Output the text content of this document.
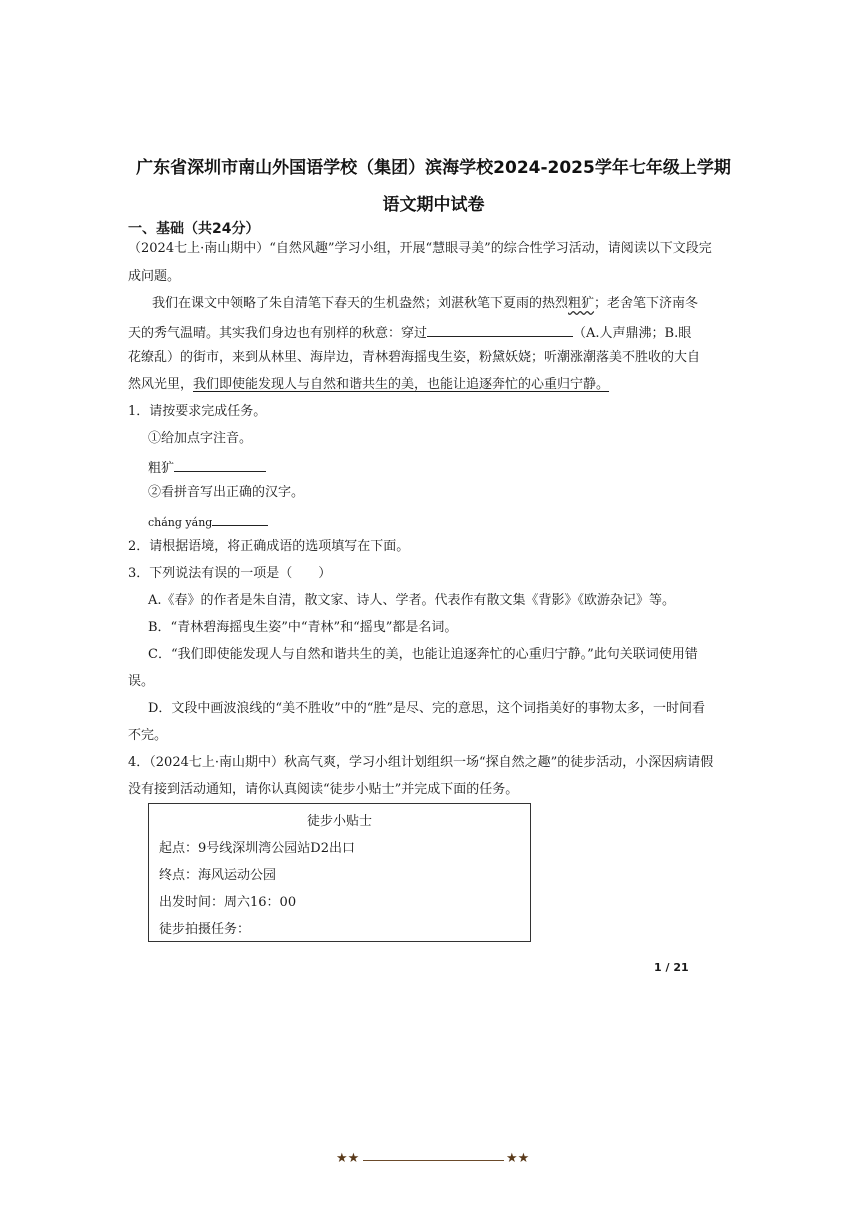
广东省深圳市南山外国语学校（集团）滨海学校2024-2025学年七年级上学期
语文期中试卷
一、基础（共24分）
（2024七上·南山期中）“自然风趣”学习小组，开展“慧眼寻美”的综合性学习活动，请阅读以下文段完
成问题。
我们在课文中领略了朱自清笔下春天的生机盎然；刘湛秋笔下夏雨的热烈粗犷；老舍笔下济南冬
天的秀气温晴。其实我们身边也有别样的秋意：穿过	（A.人声鼎沸；B.眼
花缭乱）的街市，来到从林里、海岸边，青林碧海摇曳生姿，粉黛妖娆；听潮涨潮落美不胜收的大自
然风光里，我们即使能发现人与自然和谐共生的美，也能让追逐奔忙的心重归宁静。
1．请按要求完成任务。
①给加点字注音。
粗犷
②看拼音写出正确的汉字。
cháng yáng
2．请根据语境，将正确成语的选项填写在下面。
3．下列说法有误的一项是（　　）
A.《春》的作者是朱自清，散文家、诗人、学者。代表作有散文集《背影》《欧游杂记》等。
B．“青林碧海摇曳生姿”中“青林”和“摇曳”都是名词。
C．“我们即使能发现人与自然和谐共生的美，也能让追逐奔忙的心重归宁静。”此句关联词使用错
误。
D．文段中画波浪线的“美不胜收”中的“胜”是尽、完的意思，这个词指美好的事物太多，一时间看
不完。
4．（2024七上·南山期中）秋高气爽，学习小组计划组织一场“探自然之趣”的徒步活动，小深因病请假
没有接到活动通知，请你认真阅读“徒步小贴士”并完成下面的任务。
徒步小贴士
起点：9号线深圳湾公园站D2出口
终点：海风运动公园
出发时间：周六16：00
徒步拍摄任务：
1 / 21
★★	★★
